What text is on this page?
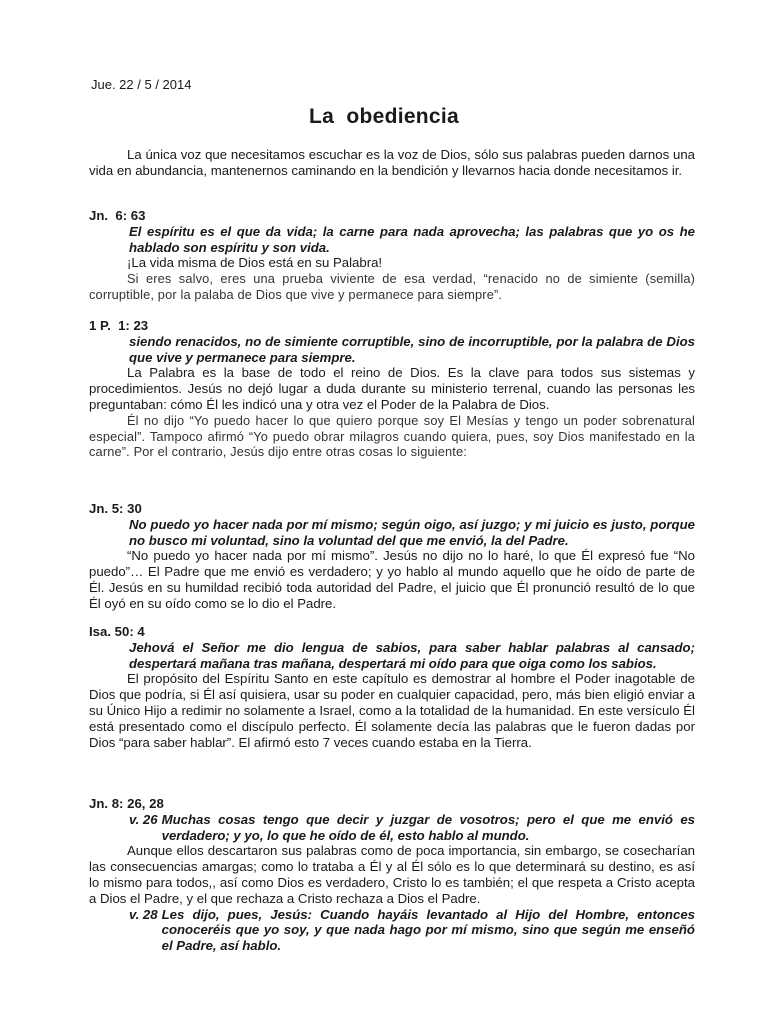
Jue. 22 / 5 / 2014
La  obediencia

La única voz que necesitamos escuchar es la voz de Dios, sólo sus palabras pueden darnos una vida en abundancia, mantenernos caminando en la bendición y llevarnos hacia donde necesitamos ir.

Jn.  6: 63
El espíritu es el que da vida; la carne para nada aprovecha; las palabras que yo os he hablado son espíritu y son vida.

¡La vida misma de Dios está en su Palabra!

Si eres salvo, eres una prueba viviente de esa verdad, “renacido no de simiente (semilla) corruptible, por la palaba de Dios que vive y permanece para siempre”.

1 P.  1: 23
siendo renacidos, no de simiente corruptible, sino de incorruptible, por la palabra de Dios que vive y permanece para siempre.

La Palabra es la base de todo el reino de Dios. Es la clave para todos sus sistemas y procedimientos. Jesús no dejó lugar a duda durante su ministerio terrenal, cuando las personas les preguntaban: cómo Él les indicó una y otra vez el Poder de la Palabra de Dios.

Él no dijo “Yo puedo hacer lo que quiero porque soy El Mesías y tengo un poder sobrenatural especial”. Tampoco afirmó “Yo puedo obrar milagros cuando quiera, pues, soy Dios manifestado en la carne”. Por el contrario, Jesús dijo entre otras cosas lo siguiente:

Jn. 5: 30
No puedo yo hacer nada por mí mismo; según oigo, así juzgo; y mi juicio es justo, porque no busco mi voluntad, sino la voluntad del que me envió, la del Padre.

“No puedo yo hacer nada por mí mismo”. Jesús no dijo no lo haré, lo que Él expresó fue “No puedo”… El Padre que me envió es verdadero; y yo hablo al mundo aquello que he oído de parte de Él. Jesús en su humildad recibió toda autoridad del Padre, el juicio que Él pronunció resultó de lo que Él oyó en su oído como se lo dio el Padre.

Isa. 50: 4
Jehová el Señor me dio lengua de sabios, para saber hablar palabras al cansado; despertará mañana tras mañana, despertará mi oído para que oiga como los sabios.

El propósito del Espíritu Santo en este capítulo es demostrar al hombre el Poder inagotable de Dios que podría, si Él así quisiera, usar su poder en cualquier capacidad, pero, más bien eligió enviar a su Único Hijo a redimir no solamente a Israel, como a la totalidad de la humanidad. En este versículo Él está presentado como el discípulo perfecto. Él solamente decía las palabras que le fueron dadas por Dios “para saber hablar”. El afirmó esto 7 veces cuando estaba en la Tierra.

Jn. 8: 26, 28
v. 26 Muchas cosas tengo que decir y juzgar de vosotros; pero el que me envió es verdadero; y yo, lo que he oído de él, esto hablo al mundo.

Aunque ellos descartaron sus palabras como de poca importancia, sin embargo, se cosecharían las consecuencias amargas; como lo trataba a Él y al Él sólo es lo que determinará su destino, es así lo mismo para todos,, así como Dios es verdadero, Cristo lo es también; el que respeta a Cristo acepta a Dios el Padre, y el que rechaza a Cristo rechaza a Dios el Padre.

v. 28 Les dijo, pues, Jesús: Cuando hayáis levantado al Hijo del Hombre, entonces conoceréis que yo soy, y que nada hago por mí mismo, sino que según me enseñó el Padre, así hablo.
